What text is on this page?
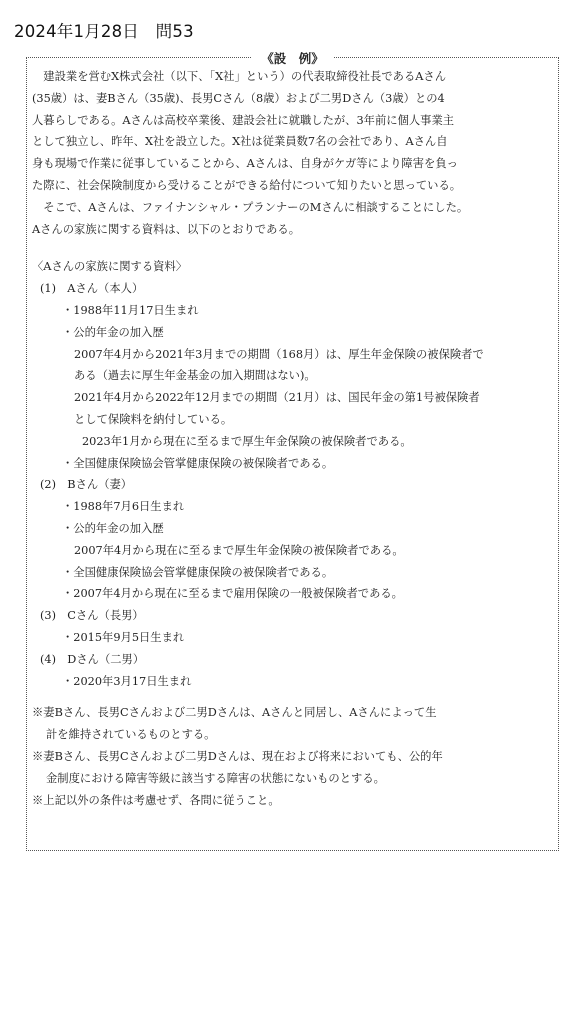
2024年1月28日　問53
《設　例》
建設業を営むX株式会社（以下、「X社」という）の代表取締役社長であるAさん
(35歳）は、妻Bさん（35歳)、長男Cさん（8歳）および二男Dさん（3歳）との4
人暮らしである。Aさんは高校卒業後、建設会社に就職したが、3年前に個人事業主
として独立し、昨年、X社を設立した。X社は従業員数7名の会社であり、Aさん自
身も現場で作業に従事していることから、Aさんは、自身がケガ等により障害を負っ
た際に、社会保険制度から受けることができる給付について知りたいと思っている。
そこで、Aさんは、ファイナンシャル・プランナーのMさんに相談することにした。
Aさんの家族に関する資料は、以下のとおりである。
〈Aさんの家族に関する資料〉
(1)　Aさん（本人）
・1988年11月17日生まれ
・公的年金の加入歴
2007年4月から2021年3月までの期間（168月）は、厚生年金保険の被保険者で
ある（過去に厚生年金基金の加入期間はない)。
2021年4月から2022年12月までの期間（21月）は、国民年金の第1号被保険者
として保険料を納付している。
2023年1月から現在に至るまで厚生年金保険の被保険者である。
・全国健康保険協会管掌健康保険の被保険者である。
(2)　Bさん（妻）
・1988年7月6日生まれ
・公的年金の加入歴
2007年4月から現在に至るまで厚生年金保険の被保険者である。
・全国健康保険協会管掌健康保険の被保険者である。
・2007年4月から現在に至るまで雇用保険の一般被保険者である。
(3)　Cさん（長男）
・2015年9月5日生まれ
(4)　Dさん（二男）
・2020年3月17日生まれ
※妻Bさん、長男Cさんおよび二男Dさんは、Aさんと同居し、Aさんによって生
計を維持されているものとする。
※妻Bさん、長男Cさんおよび二男Dさんは、現在および将来においても、公的年
金制度における障害等級に該当する障害の状態にないものとする。
※上記以外の条件は考慮せず、各問に従うこと。
